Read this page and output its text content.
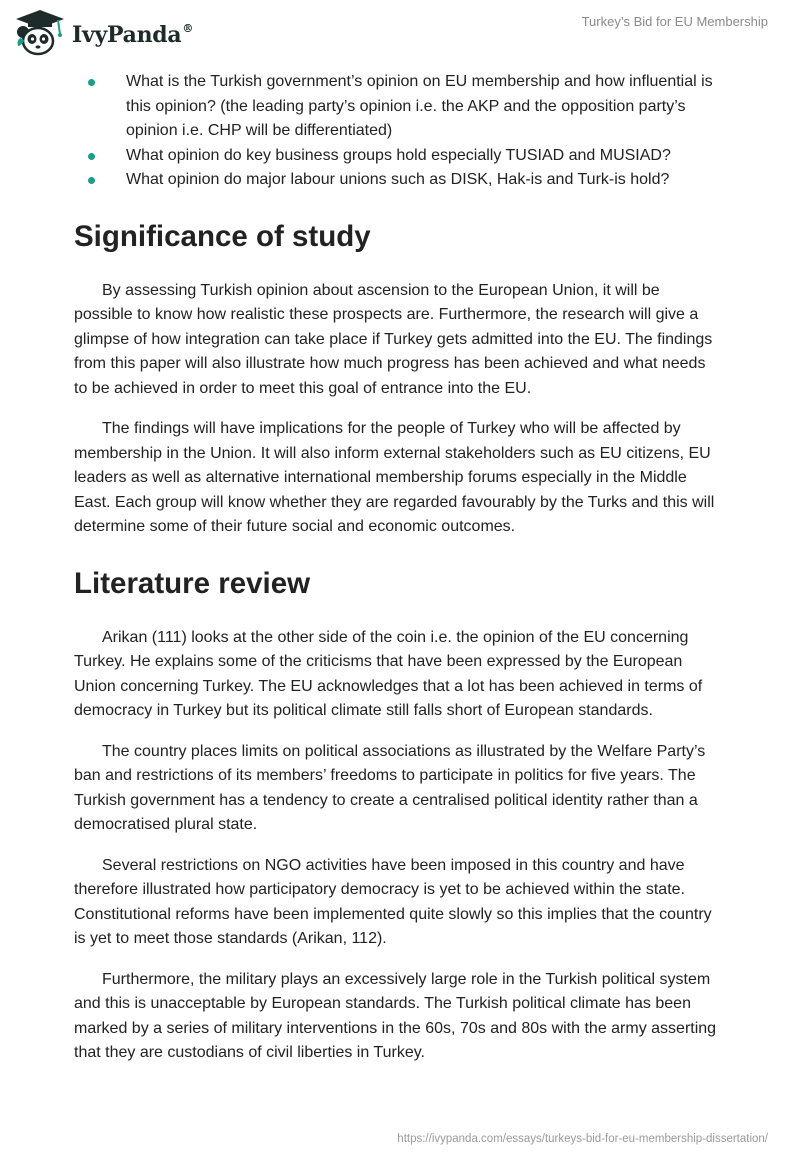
IvyPanda®	Turkey’s Bid for EU Membership
What is the Turkish government’s opinion on EU membership and how influential is this opinion? (the leading party’s opinion i.e. the AKP and the opposition party’s opinion i.e. CHP will be differentiated)
What opinion do key business groups hold especially TUSIAD and MUSIAD?
What opinion do major labour unions such as DISK, Hak-is and Turk-is hold?
Significance of study

By assessing Turkish opinion about ascension to the European Union, it will be possible to know how realistic these prospects are. Furthermore, the research will give a glimpse of how integration can take place if Turkey gets admitted into the EU. The findings from this paper will also illustrate how much progress has been achieved and what needs to be achieved in order to meet this goal of entrance into the EU.

The findings will have implications for the people of Turkey who will be affected by membership in the Union. It will also inform external stakeholders such as EU citizens, EU leaders as well as alternative international membership forums especially in the Middle East. Each group will know whether they are regarded favourably by the Turks and this will determine some of their future social and economic outcomes.

Literature review

Arikan (111) looks at the other side of the coin i.e. the opinion of the EU concerning Turkey. He explains some of the criticisms that have been expressed by the European Union concerning Turkey. The EU acknowledges that a lot has been achieved in terms of democracy in Turkey but its political climate still falls short of European standards.

The country places limits on political associations as illustrated by the Welfare Party’s ban and restrictions of its members’ freedoms to participate in politics for five years. The Turkish government has a tendency to create a centralised political identity rather than a democratised plural state.

Several restrictions on NGO activities have been imposed in this country and have therefore illustrated how participatory democracy is yet to be achieved within the state. Constitutional reforms have been implemented quite slowly so this implies that the country is yet to meet those standards (Arikan, 112).

Furthermore, the military plays an excessively large role in the Turkish political system and this is unacceptable by European standards. The Turkish political climate has been marked by a series of military interventions in the 60s, 70s and 80s with the army asserting that they are custodians of civil liberties in Turkey.

https://ivypanda.com/essays/turkeys-bid-for-eu-membership-dissertation/
